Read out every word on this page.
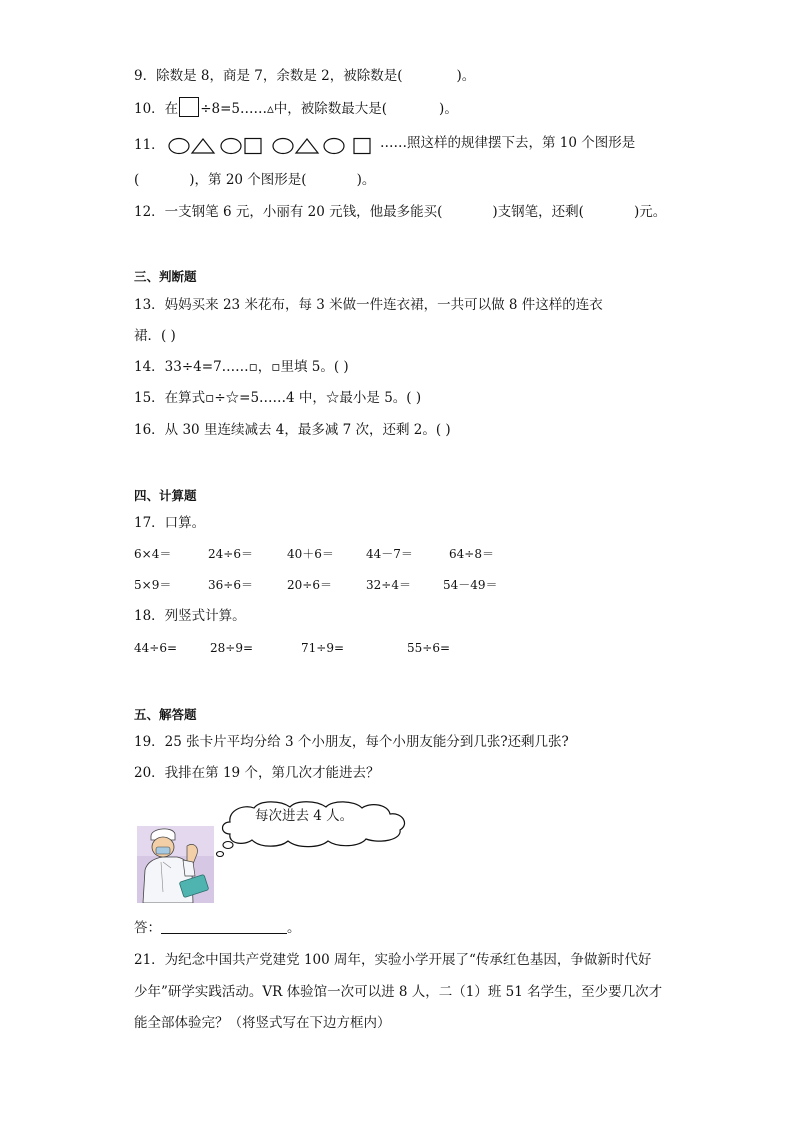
9．除数是 8，商是 7，余数是 2，被除数是(	)。
10．在 ÷8=5……▵中，被除数最大是(	)。
11．	……照这样的规律摆下去，第 10 个图形是
(	)，第 20 个图形是(	)。
12．一支钢笔 6 元，小丽有 20 元钱，他最多能买(	)支钢笔，还剩(	)元。
三、判断题
13．妈妈买来 23 米花布，每 3 米做一件连衣裙，一共可以做 8 件这样的连衣
裙．( )
14．33÷4=7……▫，▫里填 5。( )
15．在算式▫÷☆=5……4 中，☆最小是 5。( )
16．从 30 里连续减去 4，最多减 7 次，还剩 2。( )
四、计算题
17．口算。
6×4＝	24÷6＝	40＋6＝	44－7＝	64÷8＝
5×9＝	36÷6＝	20÷6＝	32÷4＝	54－49＝
18．列竖式计算。
44÷6=	28÷9=	71÷9=	55÷6=
五、解答题
19．25 张卡片平均分给 3 个小朋友，每个小朋友能分到几张?还剩几张?
20．我排在第 19 个，第几次才能进去？
每次进去 4 人。
答：	。
21．为纪念中国共产党建党 100 周年，实验小学开展了“传承红色基因，争做新时代好
少年”研学实践活动。VR 体验馆一次可以进 8 人，二（1）班 51 名学生，至少要几次才
能全部体验完？（将竖式写在下边方框内）
